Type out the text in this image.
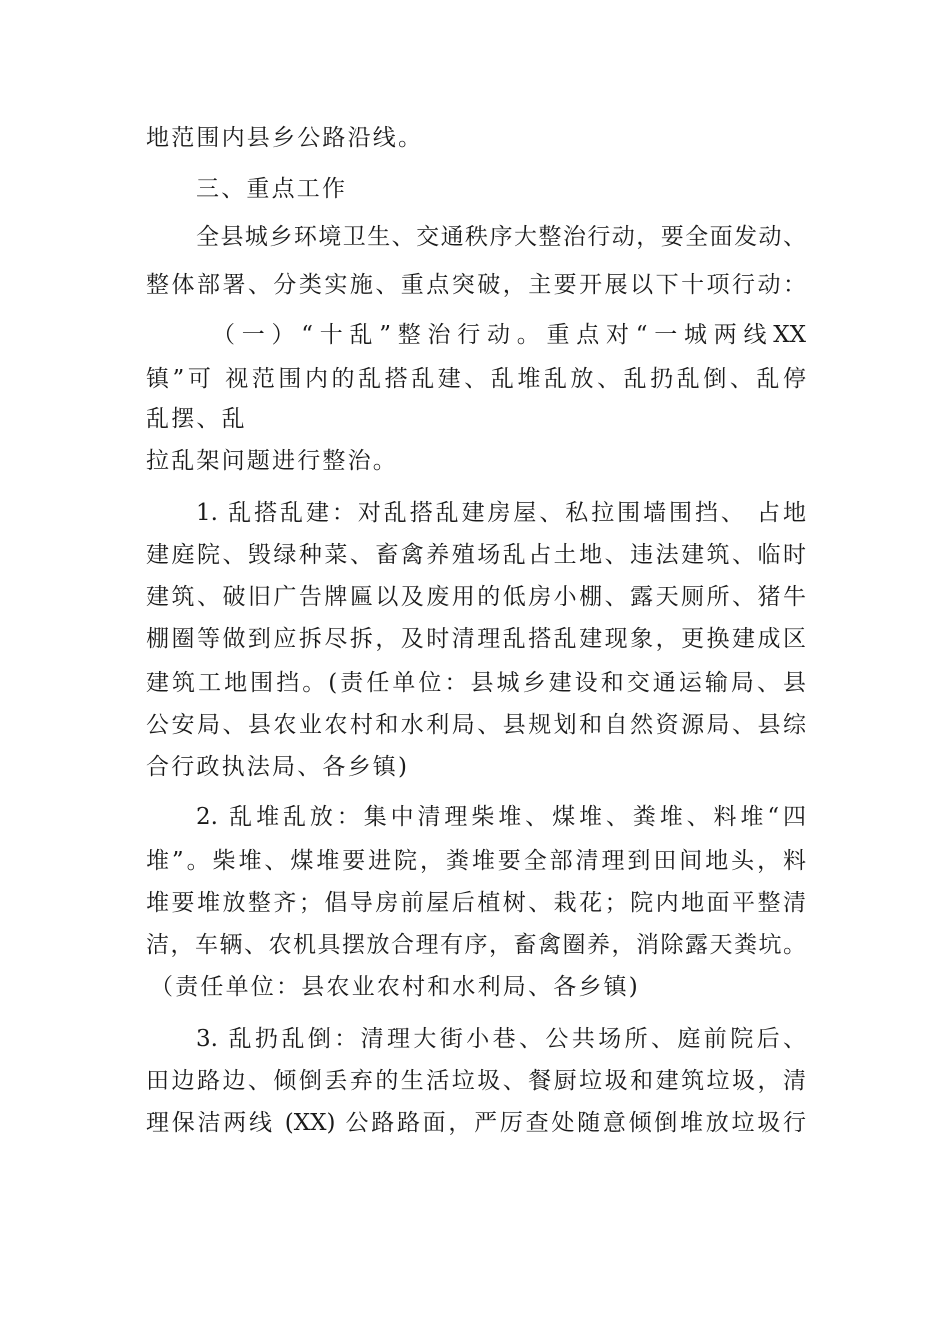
地范围内县乡公路沿线。
三、重点工作
全县城乡环境卫生、交通秩序大整治行动，要全面发动、
整体部署、分类实施、重点突破，主要开展以下十项行动：
（一）“十乱”整治行动。重点对“一城两线XX
镇”可 视范围内的乱搭乱建、乱堆乱放、乱扔乱倒、乱停
乱摆、乱
拉乱架问题进行整治。
1. 乱搭乱建：对乱搭乱建房屋、私拉围墙围挡、 占地
建庭院、毁绿种菜、畜禽养殖场乱占土地、违法建筑、临时
建筑、破旧广告牌匾以及废用的低房小棚、露天厕所、猪牛
棚圈等做到应拆尽拆，及时清理乱搭乱建现象，更换建成区
建筑工地围挡。(责任单位：县城乡建设和交通运输局、县
公安局、县农业农村和水利局、县规划和自然资源局、县综
合行政执法局、各乡镇)
2. 乱堆乱放：集中清理柴堆、煤堆、粪堆、料堆“四
堆”。柴堆、煤堆要进院，粪堆要全部清理到田间地头，料
堆要堆放整齐；倡导房前屋后植树、栽花；院内地面平整清
洁，车辆、农机具摆放合理有序，畜禽圈养，消除露天粪坑。
（责任单位：县农业农村和水利局、各乡镇)
3. 乱扔乱倒：清理大街小巷、公共场所、庭前院后、
田边路边、倾倒丢弃的生活垃圾、餐厨垃圾和建筑垃圾，清
理保洁两线 (XX) 公路路面，严厉查处随意倾倒堆放垃圾行
